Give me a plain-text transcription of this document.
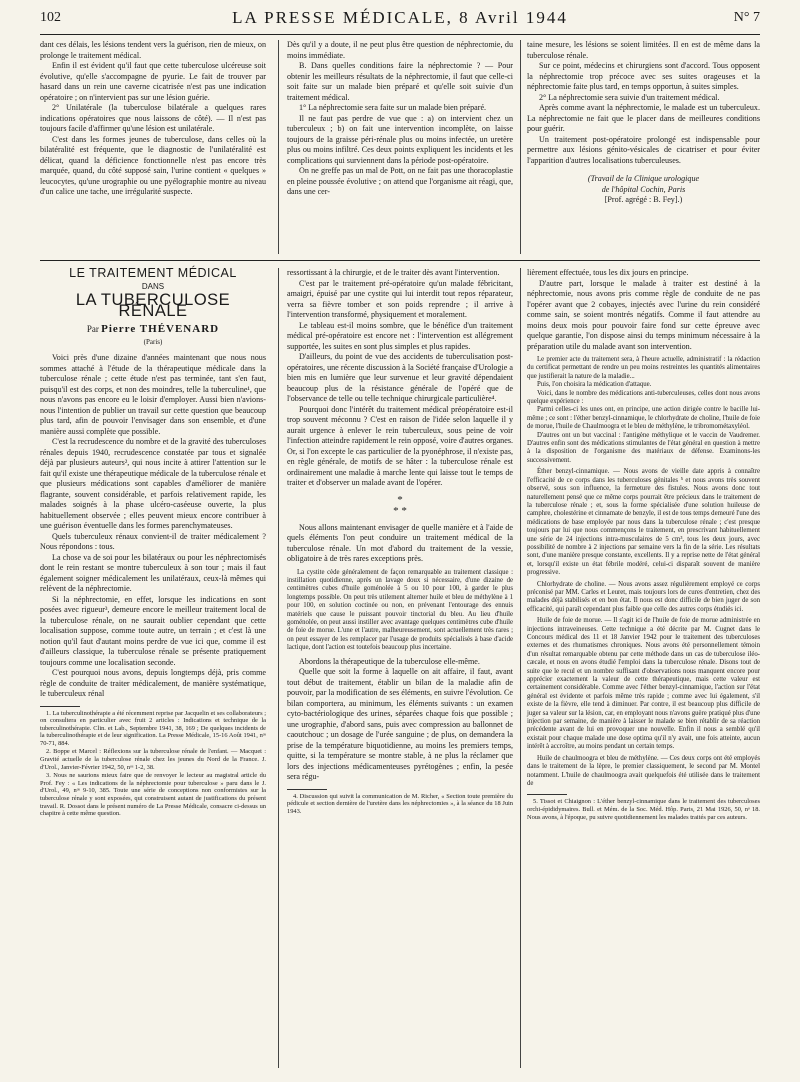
102	LA PRESSE MÉDICALE, 8 Avril 1944	N° 7

dant ces délais, les lésions tendent vers la guérison, rien de mieux, on prolonge le traitement médical.

Enfin il est évident qu'il faut que cette tuberculose ulcéreuse soit évolutive, qu'elle s'accompagne de pyurie. Le fait de trouver par hasard dans un rein une caverne cicatrisée n'est pas une indication opératoire ; on n'intervient pas sur une lésion guérie.

2° Unilatérale (la tuberculose bilatérale a quelques rares indications opératoires que nous laissons de côté). — Il n'est pas toujours facile d'affirmer qu'une lésion est unilatérale.

C'est dans les formes jeunes de tuberculose, dans celles où la bilatéralité est fréquente, que le diagnostic de l'unilatéralité est délicat, quand la déficience fonctionnelle n'est pas encore très marquée, quand, du côté supposé sain, l'urine contient « quelques » leucocytes, qu'une urographie ou une pyélographie montre au niveau d'un calice une tache, une irrégularité suspecte.

Dès qu'il y a doute, il ne peut plus être question de néphrectomie, du moins immédiate.

B. Dans quelles conditions faire la néphrectomie ? — Pour obtenir les meilleurs résultats de la néphrectomie, il faut que celle-ci soit faite sur un malade bien préparé et qu'elle soit suivie d'un traitement médical.

1° La néphrectomie sera faite sur un malade bien préparé.

Il ne faut pas perdre de vue que : a) on intervient chez un tuberculeux ; b) on fait une intervention incomplète, on laisse toujours de la graisse péri-rénale plus ou moins infectée, un uretère plus ou moins infiltré. Ces deux points expliquent les incidents et les complications qui surviennent dans la période post-opératoire.

On ne greffe pas un mal de Pott, on ne fait pas une thoracoplastie en pleine poussée évolutive ; on attend que l'organisme ait réagi, que, dans une cer-

taine mesure, les lésions se soient limitées. Il en est de même dans la tuberculose rénale.

Sur ce point, médecins et chirurgiens sont d'accord. Tous opposent la néphrectomie trop précoce avec ses suites orageuses et la néphrectomie faite plus tard, en temps opportun, à suites simples.

2° La néphrectomie sera suivie d'un traitement médical.

Après comme avant la néphrectomie, le malade est un tuberculeux. La néphrectomie ne fait que le placer dans de meilleures conditions pour guérir.

Un traitement post-opératoire prolongé est indispensable pour permettre aux lésions génito-vésicales de cicatriser et pour éviter l'apparition d'autres localisations tuberculeuses.

(Travail de la Clinique urologique
de l'hôpital Cochin, Paris
[Prof. agrégé : B. Fey].)
LE TRAITEMENT MÉDICAL
DANS
LA TUBERCULOSE RÉNALE
Par Pierre THÉVENARD
(Paris)

Voici près d'une dizaine d'années maintenant que nous nous sommes attaché à l'étude de la thérapeutique médicale dans la tuberculose rénale ; cette étude n'est pas terminée, tant s'en faut, puisqu'il est des corps, et non des moindres, telle la tuberculine¹, que nous n'avons pas encore eu le loisir d'employer. Aussi bien n'avions-nous l'intention de publier un travail sur cette question que beaucoup plus tard, afin de pouvoir l'envisager dans son ensemble, et d'une manière aussi complète que possible.

C'est la recrudescence du nombre et de la gravité des tuberculoses rénales depuis 1940, recrudescence constatée par tous et signalée déjà par plusieurs auteurs², qui nous incite à attirer l'attention sur le fait qu'il existe une thérapeutique médicale de la tuberculose rénale et que plusieurs médications sont capables d'améliorer de manière flagrante, souvent considérable, et parfois relativement rapide, les malades soignés à la phase ulcéro-caséeuse ouverte, la plus habituellement observée ; elles peuvent mieux encore contribuer à une guérison éventuelle dans les formes parenchymateuses.

Quels tuberculeux rénaux convient-il de traiter médicalement ? Nous répondons : tous.

La chose va de soi pour les bilatéraux ou pour les néphrectomisés dont le rein restant se montre tuberculeux à son tour ; mais il faut également soigner médicalement les unilatéraux, ceux-là mêmes qui relèvent de la néphrectomie.

Si la néphrectomie, en effet, lorsque les indications en sont posées avec rigueur³, demeure encore le meilleur traitement local de la tuberculose rénale, on ne saurait oublier cependant que cette localisation suppose, comme toute autre, un terrain ; et c'est là une notion qu'il faut d'autant moins perdre de vue ici que, comme il est d'ailleurs classique, la tuberculose rénale se présente pratiquement toujours comme une localisation seconde.

C'est pourquoi nous avons, depuis longtemps déjà, pris comme règle de conduite de traiter médicalement, de manière systématique, le tuberculeux rénal

1. La tuberculinothérapie a été récemment reprise par Jacquelin et ses collaborateurs ; on consultera en particulier avec fruit 2 articles : Indications et technique de la tuberculinothérapie. Clin. et Lab., Septembre 1941, 38, 169 ; De quelques incidents de la tuberculinothérapie et de leur signification. La Presse Médicale, 15-16 Août 1941, nᵒˢ 70-71, 884.

2. Boppe et Marcel : Réflexions sur la tuberculose rénale de l'enfant. — Macquet : Gravité actuelle de la tuberculose rénale chez les jeunes du Nord de la France. J. d'Urol., Janvier-Février 1942, 50, nᵒˢ 1-2, 38.

3. Nous ne saurions mieux faire que de renvoyer le lecteur au magistral article du Prof. Fey : « Les indications de la néphrectomie pour tuberculose » paru dans le J. d'Urol., 49, nᵒˢ 9-10, 385. Toute une série de conceptions non conformistes sur la tuberculose rénale y sont exposées, qui construisent autant de justifications du présent travail. R. Dossot dans le présent numéro de La Presse Médicale, consacre ci-dessus un chapitre à cette même question.

ressortissant à la chirurgie, et de le traiter dès avant l'intervention.

C'est par le traitement pré-opératoire qu'un malade fébricitant, amaigri, épuisé par une cystite qui lui interdit tout repos réparateur, verra sa fièvre tomber et son poids reprendre ; il arrive à l'intervention transformé, physiquement et moralement.

Le tableau est-il moins sombre, que le bénéfice d'un traitement médical pré-opératoire est encore net : l'intervention est allégrement supportée, les suites en sont plus simples et plus rapides.

D'ailleurs, du point de vue des accidents de tuberculisation post-opératoires, une récente discussion à la Société française d'Urologie a bien mis en lumière que leur survenue et leur gravité dépendaient beaucoup plus de la résistance générale de l'opéré que de l'observance de telle ou telle technique chirurgicale particulière⁴.

Pourquoi donc l'intérêt du traitement médical préopératoire est-il trop souvent méconnu ? C'est en raison de l'idée selon laquelle il y aurait urgence à enlever le rein tuberculeux, sous peine de voir l'infection atteindre rapidement le rein opposé, voire d'autres organes. Or, si l'on excepte le cas particulier de la pyonéphrose, il n'existe pas, en règle générale, de motifs de se hâter : la tuberculose rénale est ordinairement une maladie à marche lente qui laisse tout le temps de traiter et d'observer un malade avant de l'opérer.

*
* *

Nous allons maintenant envisager de quelle manière et à l'aide de quels éléments l'on peut conduire un traitement médical de la tuberculose rénale. Un mot d'abord du traitement de la vessie, obligatoire à de très rares exceptions près.

La cystite cède généralement de façon remarquable au traitement classique : instillation quotidienne, après un lavage doux si nécessaire, d'une dizaine de centimètres cubes d'huile goménolée à 5 ou 10 pour 100, à garder le plus longtemps possible. On peut très utilement alterner huile et bleu de méthylène à 1 pour 100, en solution coctinée ou non, en prévenant l'entourage des ennuis matériels que cause le puissant pouvoir tinctorial du bleu. Au lieu d'huile goménolée, on peut aussi instiller avec avantage quelques centimètres cube d'huile de foie de morue. L'une et l'autre, malheureusement, sont actuellement très rares ; on peut essayer de les remplacer par l'usage de produits spécialisés à base d'acide lactique, dont l'action est toutefois beaucoup plus incertaine.

Abordons la thérapeutique de la tuberculose elle-même.

Quelle que soit la forme à laquelle on ait affaire, il faut, avant tout début de traitement, établir un bilan de la maladie afin de pouvoir, par la modification de ses éléments, en suivre l'évolution. Ce bilan comportera, au minimum, les éléments suivants : un examen cyto-bactériologique des urines, séparées chaque fois que possible ; une urographie, d'abord sans, puis avec compression au ballonnet de caoutchouc ; un dosage de l'urée sanguine ; de plus, on demandera la prise de la température biquotidienne, au moins les premiers temps, quitte, si la température se montre stable, à ne plus la réclamer que lors des injections médicamenteuses pyrétogènes ; enfin, la pesée sera régu-

4. Discussion qui suivit la communication de M. Richer, « Section toute première du pédicule et section dernière de l'uretère dans les néphrectomies », à la séance du 18 Juin 1943.

lièrement effectuée, tous les dix jours en principe.

D'autre part, lorsque le malade à traiter est destiné à la néphrectomie, nous avons pris comme règle de conduite de ne pas l'opérer avant que 2 cobayes, injectés avec l'urine du rein considéré comme sain, se soient montrés négatifs. Comme il faut attendre au moins deux mois pour pouvoir faire fond sur cette épreuve avec quelque garantie, l'on dispose ainsi du temps minimum nécessaire à la préparation utile du malade avant son intervention.

Le premier acte du traitement sera, à l'heure actuelle, administratif : la rédaction du certificat permettant de rendre un peu moins restreintes les quantités alimentaires que justifierait la nature de la maladie...

Puis, l'on choisira la médication d'attaque.

Voici, dans le nombre des médications anti-tuberculeuses, celles dont nous avons quelque expérience :

Parmi celles-ci les unes ont, en principe, une action dirigée contre le bacille lui-même ; ce sont : l'éther benzyl-cinnamique, le chlorhydrate de choline, l'huile de foie de morue, l'huile de Chaulmoogra et le bleu de méthylène, le tribromométaxyléol.

D'autres ont un but vaccinal : l'antigène méthylique et le vaccin de Vaudremer. D'autres enfin sont des médications stimulantes de l'état général en question à mettre à la disposition de l'organisme des matériaux de défense. Examinons-les successivement.

Éther benzyl-cinnamique. — Nous avons de vieille date appris à connaître l'efficacité de ce corps dans les tuberculoses génitales ⁵ et nous avons très souvent observé, sous son influence, la fermeture des fistules. Nous avons donc tout naturellement pensé que ce même corps pourrait être précieux dans le traitement de la tuberculose rénale ; et, sous la forme spécialisée d'une solution huileuse de camphre, cholestérine et cinnamate de benzyle, il est de tous temps demeuré l'une des médications de base employée par nous dans la tuberculose rénale ; c'est presque toujours par lui que nous commençons le traitement, en prescrivant habituellement une série de 24 injections intra-musculaires de 5 cm³, tous les deux jours, avec possibilité de nombre à 2 injections par semaine vers la fin de la série. Les résultats sont, d'une manière presque constante, excellents. Il y a reprise nette de l'état général et, lorsqu'il existe un état fébrile modéré, celui-ci disparaît souvent de manière progressive.

Chlorhydrate de choline. — Nous avons assez régulièrement employé ce corps préconisé par MM. Carles et Leuret, mais toujours lors de cures d'entretien, chez des malades déjà stabilisés et en bon état. Il nous est donc difficile de bien juger de son efficacité, qui paraît cependant plus faible que celle des autres corps étudiés ici.

Huile de foie de morue. — Il s'agit ici de l'huile de foie de morue administrée en injections intraveineuses. Cette technique a été décrite par M. Cugnet dans le Concours médical des 11 et 18 Janvier 1942 pour le traitement des tuberculoses externes et des rhumatismes chroniques. Nous avons été personnellement témoin d'un résultat remarquable obtenu par cette méthode dans un cas de tuberculose iléo-cæcale, et nous en avons étudié l'emploi dans la tuberculose rénale. Disons tout de suite que le recul et un nombre suffisant d'observations nous manquent encore pour apprécier exactement la valeur de cette thérapeutique, mais cette valeur est certainement considérable. Comme avec l'éther benzyl-cinnamique, l'action sur l'état général est évidente et parfois même très rapide ; comme avec lui également, s'il existe de la fièvre, elle tend à diminuer. Par contre, il est beaucoup plus difficile de juger sa valeur sur la lésion, car, en employant nous n'avons guère pratiqué plus d'une injection par semaine, de manière à laisser le malade se bien rétablir de sa réaction précédente avant de lui en provoquer une nouvelle. Enfin il nous a semblé qu'il existait pour chaque malade une dose optima qu'il n'y avait, une fois atteinte, aucun intérêt à accroître, au moins pendant un certain temps.

Huile de chaulmoogra et bleu de méthylène. — Ces deux corps ont été employés dans le traitement de la lèpre, le premier classiquement, le second par M. Montel notamment. L'huile de chaulmoogra avait quelquefois été utilisée dans le traitement de

5. Tissot et Chiaignon : L'éther benzyl-cinnamique dans le traitement des tuberculoses orchi-épididymaires. Bull. et Mém. de la Soc. Méd. Hôp. Paris, 21 Mai 1926, 50, nᵒ 18. Nous avons, à l'époque, pu suivre quotidiennement les malades traités par ces auteurs.
